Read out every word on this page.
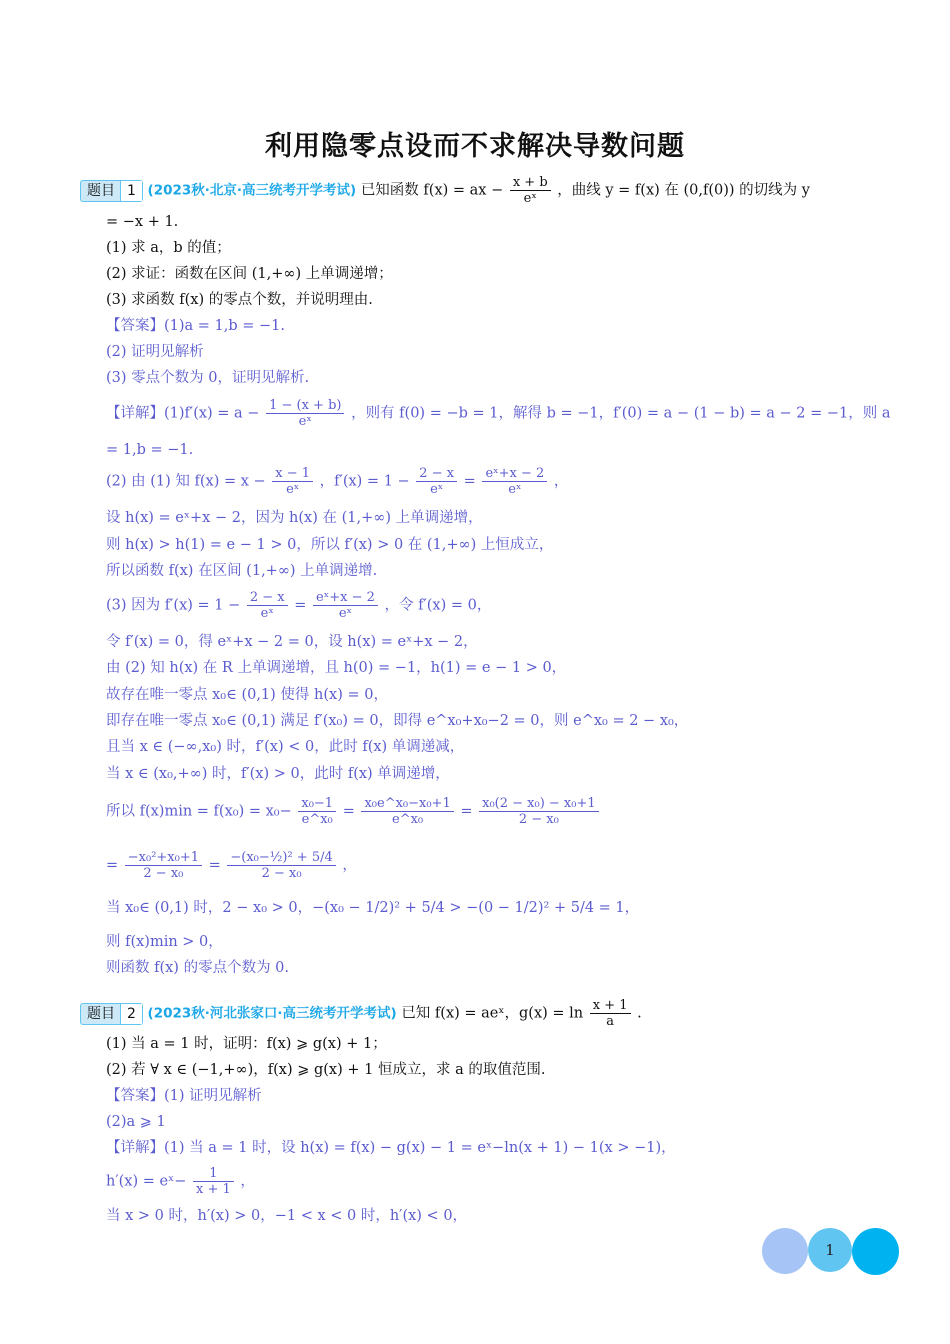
利用隐零点设而不求解决导数问题
题目 1 (2023秋·北京·高三统考开学考试) 已知函数 f(x) = ax − $\frac{x + b}{\text{eˣ}}$ ，曲线 y = f(x) 在 (0,f(0)) 的切线为 y
= −x + 1.
(1) 求 a，b 的值；
(2) 求证：函数在区间 (1,+∞) 上单调递增；
(3) 求函数 f(x) 的零点个数，并说明理由.
【答案】(1)a = 1,b = −1.
(2) 证明见解析
(3) 零点个数为 0，证明见解析.
【详解】$(1)f'(x) = a - \frac{1 - (x + b)}{\text{eˣ}}$ ，则有 f(0) = −b = 1，解得 b = −1，f′(0) = a − (1 − b) = a − 2 = −1，则 a
= 1,b = −1.
(2) 由 (1) 知 $f(x) = x - \frac{x - 1}{\text{eˣ}}$ ，$f'(x) = 1 - \frac{2 - x}{\text{eˣ}} = \frac{\text{eˣ+x − 2}}{\text{eˣ}}$ ，
设 h(x) = eˣ+x − 2，因为 h(x) 在 (1,+∞) 上单调递增，
则 h(x) > h(1) = e − 1 > 0，所以 f′(x) > 0 在 (1,+∞) 上恒成立，
所以函数 f(x) 在区间 (1,+∞) 上单调递增.
(3) 因为 $f'(x) = 1 - \frac{2 - x}{\text{eˣ}} = \frac{\text{eˣ+x − 2}}{\text{eˣ}}$ ，令 f′(x) = 0，
令 f′(x) = 0，得 eˣ+x − 2 = 0，设 h(x) = eˣ+x − 2，
由 (2) 知 h(x) 在 R 上单调递增，且 h(0) = −1，h(1) = e − 1 > 0，
故存在唯一零点 x₀∈ (0,1) 使得 h(x) = 0，
即存在唯一零点 x₀∈ (0,1) 满足 f′(x₀) = 0，即得 e^x₀+x₀−2 = 0，则 e^x₀ = 2 − x₀，
且当 x ∈ (−∞,x₀) 时，f′(x) < 0，此时 f(x) 单调递减，
当 x ∈ (x₀,+∞) 时，f′(x) > 0，此时 f(x) 单调递增，
所以 $f(x)\min = f(x_0) = x_0- \frac{\text{x₀−1}}{\text{e\textasciicircum{}x₀}} = \frac{\text{x₀e\textasciicircum{}x₀−x₀+1}}{\text{e\textasciicircum{}x₀}} = \frac{\text{x₀(2 − x₀) − x₀+1}}{\text{2 − x₀}}$
= $\frac{\text{−x₀²+x₀+1}}{\text{2 − x₀}} = \frac{\text{−(x₀−½)² + 5/4}}{\text{2 − x₀}}$ ，
当 x₀∈ (0,1) 时，2 − x₀ > 0，−(x₀ − 1/2)² + 5/4 > −(0 − 1/2)² + 5/4 = 1，
则 f(x)min > 0，
则函数 f(x) 的零点个数为 0.
题目 2 (2023秋·河北张家口·高三统考开学考试) 已知 f(x) = aeˣ，$g(x) = \ln \frac{x + 1}{a}$ .
(1) 当 a = 1 时，证明：f(x) ⩾ g(x) + 1；
(2) 若 ∀ x ∈ (−1,+∞)，f(x) ⩾ g(x) + 1 恒成立，求 a 的取值范围.
【答案】(1) 证明见解析
(2)a ⩾ 1
【详解】(1) 当 a = 1 时，设 h(x) = f(x) − g(x) − 1 = eˣ−ln(x + 1) − 1(x > −1)，
h′(x) = eˣ− $\frac{1}{x + 1}$ ，
当 x > 0 时，h′(x) > 0，−1 < x < 0 时，h′(x) < 0，
1
